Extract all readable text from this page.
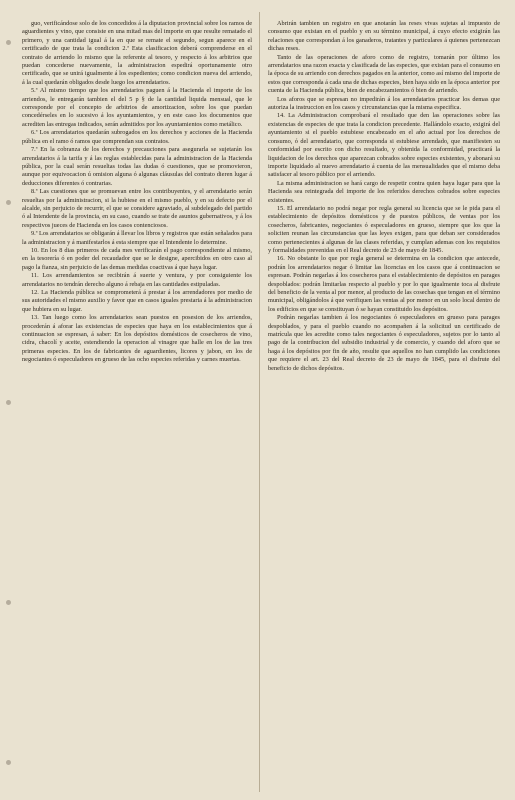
guo, verificándose solo de los concedidos á la diputacion provincial sobre los ramos de aguardientes y vino, que consiste en una mitad mas del importe en que resulte rematado el primero, y una cantidad igual á la en que se remate el segundo, segun aparece en el certificado de que trata la condicion 2.ª Esta clasificacion deberá comprenderse en el contrato de arriendo lo mismo que la referente al tesoro, y respecto á los arbitrios que puedan concederse nuevamente, la administracion espedirá oportunamente otro certificado, que se unirá igualmente á los espedientes; como condicion nueva del arriendo, á la cual quedarán obligados desde luego los arrendatarios.

5.ª Al mismo tiempo que los arrendatarios paguen á la Hacienda el importe de los arriendos, le entregarán tambien el del 5 p § de la cantidad liquida mensual, que le corresponde por el concepto de arbitrios de amortizacion, sobre los que puedan concedérseles en lo sucesivo á los ayuntamientos, y en este caso los documentos que acrediten las entregas indicados, serán admitidos por los ayuntamientos como metálico.

6.ª Los arrendatarios quedarán subrogados en los derechos y acciones de la Hacienda pública en el ramo ó ramos que comprendan sus contratos.

7.ª En la cobranza de los derechos y precauciones para asegurarla se sujetarán los arrendatarios á la tarifa y á las reglas establecidas para la administracion de la Hacienda pública, por la cual serán resueltas todas las dudas ó cuestiones, que se promovieron, aunque por equivocacion ú omision alguna ó algunas cláusulas del contrato dieren lugar á deducciones diferentes ó contrarias.

8.ª Las cuestiones que se promuevan entre los contribuyentes, y el arrendatario serán resueltas por la administracion, si la hubiese en el mismo pueblo, y en su defecto por el alcalde, sin perjuicio de recurrir, el que se considere agraviado, al subdelegado del partido ó al Intendente de la provincia, en su caso, cuando se trate de asuntos gubernativos, y á los respectivos jueces de Hacienda en los casos contenciosos.

9.ª Los arrendatarios se obligarán á llevar los libros y registros que están señalados para la administracion y á manifestarlos á esta siempre que el Intendente lo determine.

10. En los 8 dias primeros de cada mes verificarán el pago correspondiente al mismo, en la tesorería ó en poder del recaudador que se le designe, apercibidos en otro caso al pago la fianza, sin perjuicio de las demas medidas coactivas á que haya lugar.

11. Los arrendamientos se recibirán á suerte y ventura, y por consiguiente los arrendatarios no tendrán derecho alguno á rebaja en las cantidades estipuladas.

12. La Hacienda pública se comprometerá á prestar á los arrendadores por medio de sus autoridades el mismo auxilio y favor que en casos iguales prestaria á la administracion que hubiera en su lugar.

13. Tan luego como los arrendatarios sean puestos en posesion de los arriendos, procederán á aforar las existencias de especies que haya en los establecimientos que á continuacion se espresan, á saber: En los depósitos domésticos de cosecheros de vino, cidra, chacolí y aceite, estendiendo la operacion al vinagre que halle en los de las tres primeras especies. En los de fabricantes de aguardientes, licores y jabon, en los de negociantes ó especuladores en grueso de las ocho especies referidas y carnes muertas.

Abrirán tambien un registro en que anotarán las reses vivas sujetas al impuesto de consumo que existan en el pueblo y en su término municipal, á cuyo efecto exigirán las relaciones que correspondan á los ganaderos, tratantes y particulares á quienes pertenezcan dichas reses.

Tanto de las operaciones de aforo como de registro, tomarán por último los arrendatarios una razon exacta y clasificada de las especies, que existan para el consumo en la época de su arriendo con derechos pagados en la anterior, como así mismo del importe de estos que corresponda á cada una de dichas especies, bien haya sido en la época anterior por cuenta de la Hacienda pública, bien de encabezamientos ó bien de arriendo.

Los aforos que se espresan no impedirán á los arrendatarios practicar los demas que autoriza la instruccion en los casos y circunstancias que la misma especifica.

14. La Administracion comprobará el resultado que den las operaciones sobre las existencias de especies de que trata la condicion precedente. Hallándolo exacto, exigirá del ayuntamiento si el pueblo estubiese encabezado en el año actual por los derechos de consumo, ó del arrendatario, que corresponda si estubiese arrendado, que manifiesten su conformidad por escrito con dicho resultado, y obtenida la conformidad, practicará la liquidacion de los derechos que aparezcan cobrados sobre especies existentes, y abonará su importe liquidado al nuevo arrendatario á cuenta de las mensualidades que el mismo deba satisfacer al tesoro público por el arriendo.

La misma administracion se hará cargo de respetir contra quien haya lugar para que la Hacienda sea reintegrada del importe de los referidos derechos cobrados sobre especies existentes.

15. El arrendatario no podrá negar por regla general su licencia que se le pida para el establecimiento de depósitos domésticos y de puestos públicos, de ventas por los cosecheros, fabricantes, negociantes ó especuladores en grueso, siempre que los que la soliciten reunan las circunstancias que las leyes exigen, para que deban ser considerados como pertenecientes á algunas de las clases referidas, y cumplan ademas con los requisitos y formalidades prevenidas en el Real decreto de 23 de mayo de 1845.

16. No obstante lo que por regla general se determina en la condicion que antecede, podrán los arrendatarios negar ó limitar las licencias en los casos que á continuacion se espresan. Podrán negarlas á los cosecheros para el establecimiento de depósitos en parages despoblados: podrán limitarlas respecto al pueblo y por lo que igualmente toca al disfrute del beneficio de la venta al por menor, al producto de las cosechas que tengan en el término municipal, obligándolos á que verifiquen las ventas al por menor en un solo local dentro de los edificios en que se constituyan ó se hayan constituido los depósitos.

Podrán negarlas tambien á los negociantes ó especuladores en grueso para parages despoblados, y para el pueblo cuando no acompañen á la solicitud un certificado de matrícula que les acredite como tales negociantes ó especuladores, sujetos por lo tanto al pago de la contribucion del subsidio industrial y de comercio, y cuando del aforo que se haga á los depósitos por fin de año, resulte que aquellos no han cumplido las condiciones que requiere el art. 23 del Real decreto de 23 de mayo de 1845, para el disfrute del beneficio de dichos depósitos.
